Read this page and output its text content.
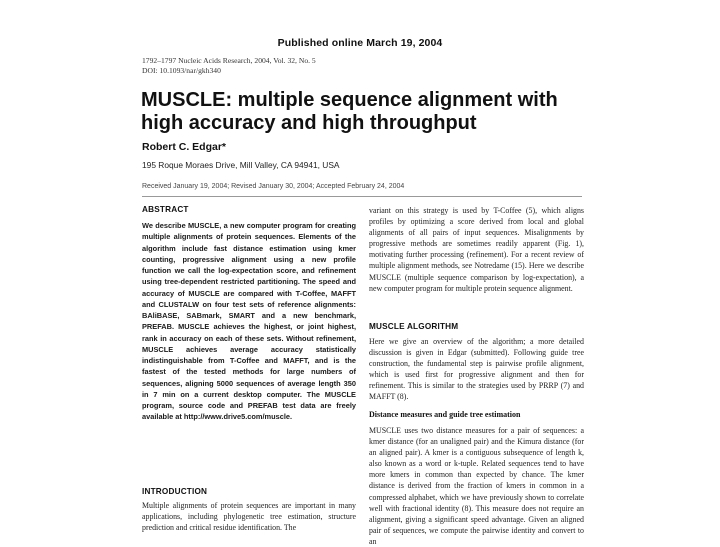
Published online March 19, 2004
1792–1797 Nucleic Acids Research, 2004, Vol. 32, No. 5
DOI: 10.1093/nar/gkh340
MUSCLE: multiple sequence alignment with high accuracy and high throughput
Robert C. Edgar*
195 Roque Moraes Drive, Mill Valley, CA 94941, USA
Received January 19, 2004; Revised January 30, 2004; Accepted February 24, 2004

ABSTRACT

We describe MUSCLE, a new computer program for creating multiple alignments of protein sequences. Elements of the algorithm include fast distance estimation using kmer counting, progressive alignment using a new profile function we call the log-expectation score, and refinement using tree-dependent restricted partitioning. The speed and accuracy of MUSCLE are compared with T-Coffee, MAFFT and CLUSTALW on four test sets of reference alignments: BAliBASE, SABmark, SMART and a new benchmark, PREFAB. MUSCLE achieves the highest, or joint highest, rank in accuracy on each of these sets. Without refinement, MUSCLE achieves average accuracy statistically indistinguishable from T-Coffee and MAFFT, and is the fastest of the tested methods for large numbers of sequences, aligning 5000 sequences of average length 350 in 7 min on a current desktop computer. The MUSCLE program, source code and PREFAB test data are freely available at http://www.drive5.com/muscle.

INTRODUCTION

Multiple alignments of protein sequences are important in many applications, including phylogenetic tree estimation, structure prediction and critical residue identification. The

variant on this strategy is used by T-Coffee (5), which aligns profiles by optimizing a score derived from local and global alignments of all pairs of input sequences. Misalignments by progressive methods are sometimes readily apparent (Fig. 1), motivating further processing (refinement). For a recent review of multiple alignment methods, see Notredame (15). Here we describe MUSCLE (multiple sequence comparison by log-expectation), a new computer program for multiple protein sequence alignment.

MUSCLE ALGORITHM

Here we give an overview of the algorithm; a more detailed discussion is given in Edgar (submitted). Following guide tree construction, the fundamental step is pairwise profile alignment, which is used first for progressive alignment and then for refinement. This is similar to the strategies used by PRRP (7) and MAFFT (8).

Distance measures and guide tree estimation

MUSCLE uses two distance measures for a pair of sequences: a kmer distance (for an unaligned pair) and the Kimura distance (for an aligned pair). A kmer is a contiguous subsequence of length k, also known as a word or k-tuple. Related sequences tend to have more kmers in common than expected by chance. The kmer distance is derived from the fraction of kmers in common in a compressed alphabet, which we have previously shown to correlate well with fractional identity (8). This measure does not require an alignment, giving a significant speed advantage. Given an aligned pair of sequences, we compute the pairwise identity and convert to an
